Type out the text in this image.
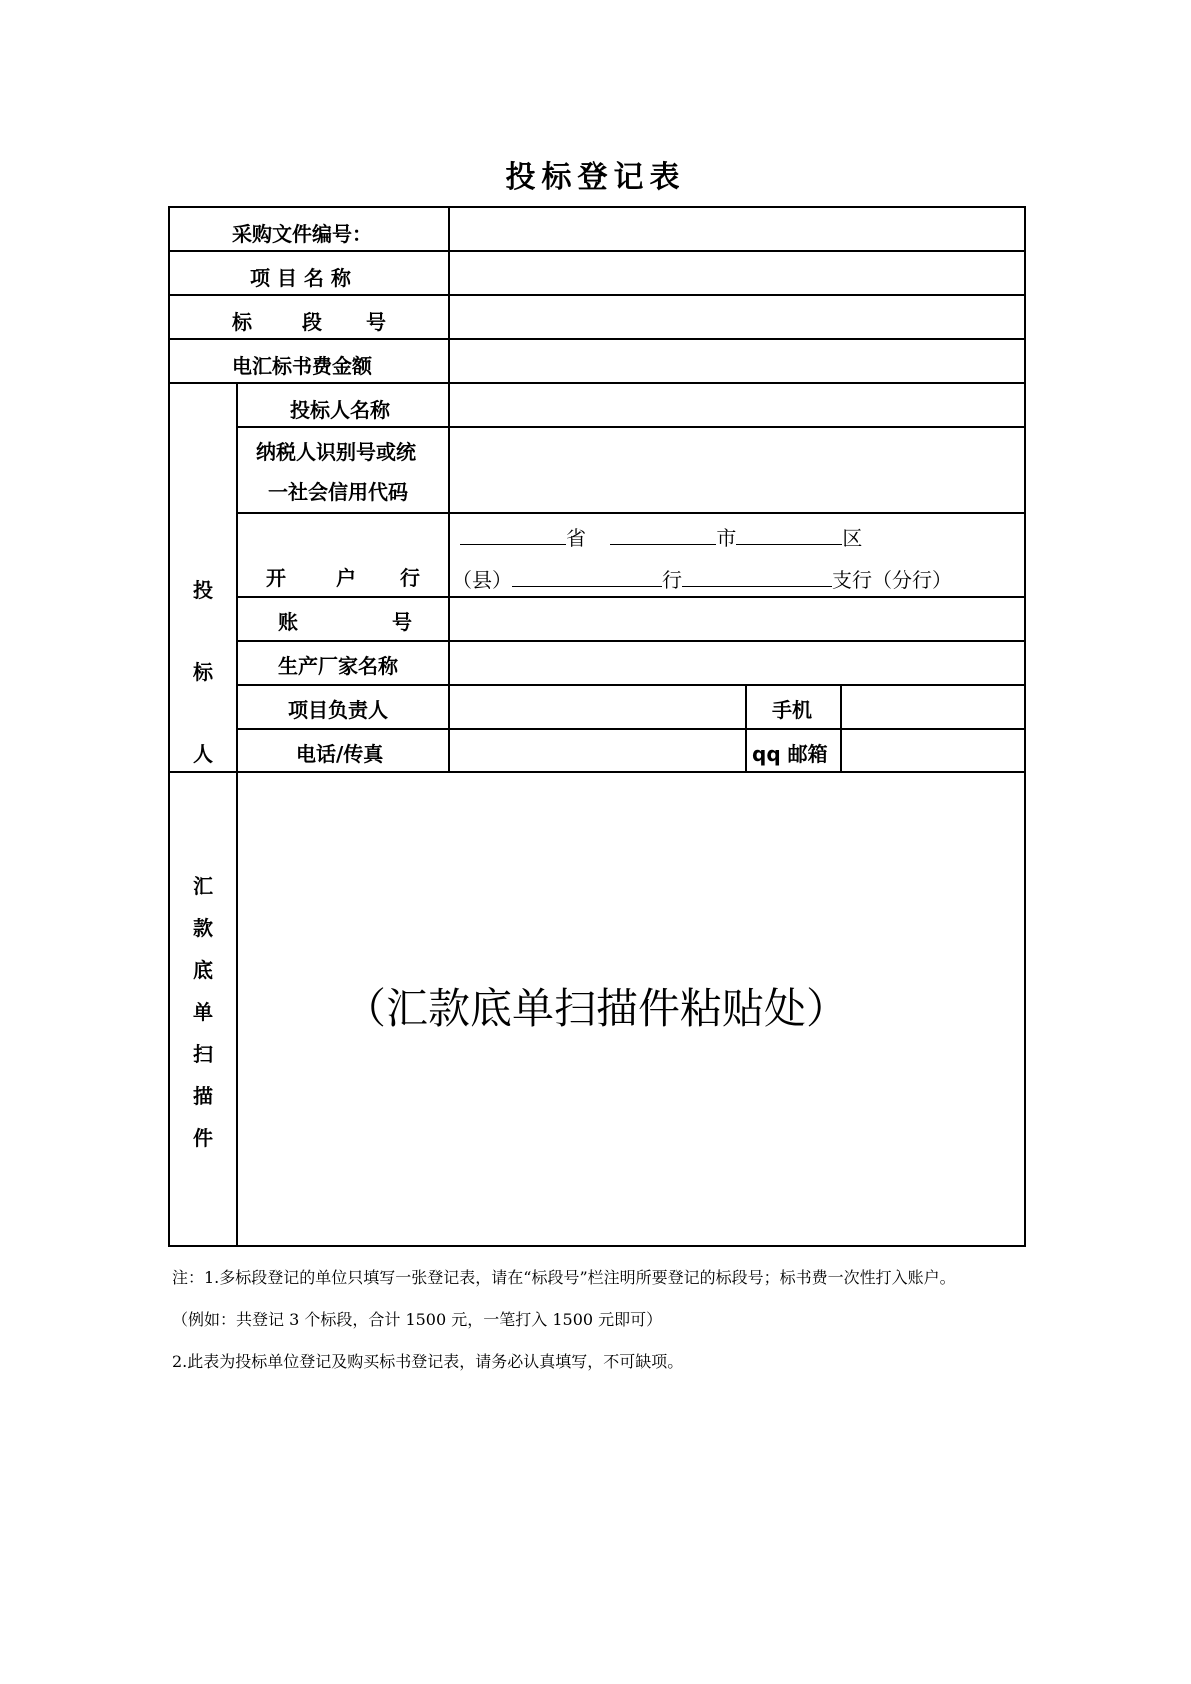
投标登记表
采购文件编号：
项 目 名 称
标	段 号
电汇标书费金额
投
标
人
投标人名称
纳税人识别号或统
一社会信用代码
开	户 行
省	市	区
（县）	行	支行（分行）
账	号
生产厂家名称
项目负责人	手机
电话/传真	qq 邮箱
汇
款
底
单
扫
描
件
（汇款底单扫描件粘贴处）
注：1.多标段登记的单位只填写一张登记表，请在“标段号”栏注明所要登记的标段号；标书费一次性打入账户。
（例如：共登记 3 个标段，合计 1500 元，一笔打入 1500 元即可）
2.此表为投标单位登记及购买标书登记表，请务必认真填写，不可缺项。
